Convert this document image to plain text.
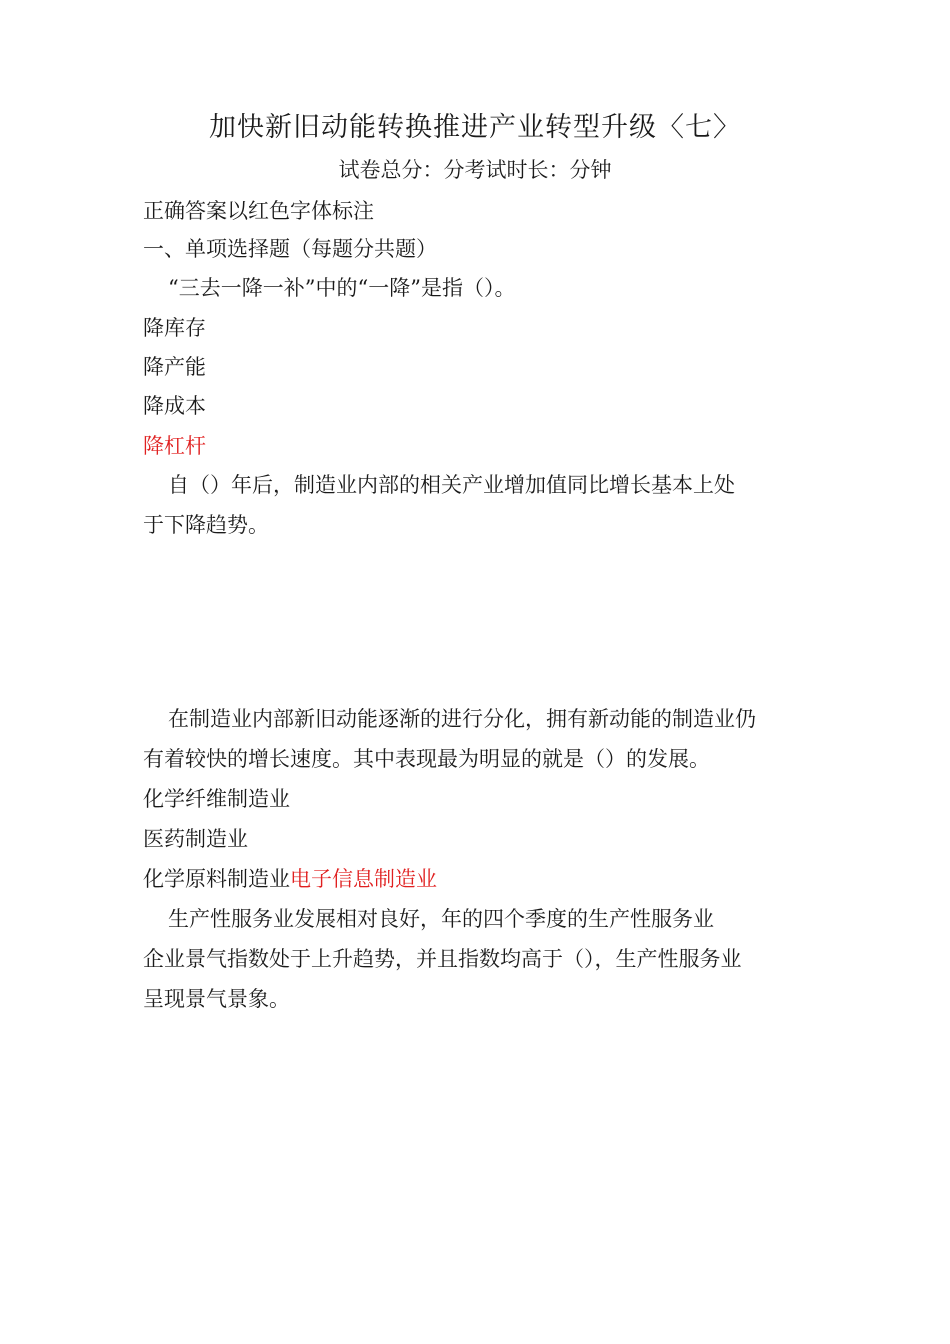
加快新旧动能转换推进产业转型升级〈七〉
试卷总分：分考试时长：分钟
正确答案以红色字体标注
一、单项选择题（每题分共题）
“三去一降一补”中的“一降”是指（）。
降库存
降产能
降成本
降杠杆
自（）年后，制造业内部的相关产业增加值同比增长基本上处
于下降趋势。
在制造业内部新旧动能逐渐的进行分化，拥有新动能的制造业仍
有着较快的增长速度。其中表现最为明显的就是（）的发展。
化学纤维制造业
医药制造业
化学原料制造业电子信息制造业
生产性服务业发展相对良好，年的四个季度的生产性服务业
企业景气指数处于上升趋势，并且指数均高于（），生产性服务业
呈现景气景象。
